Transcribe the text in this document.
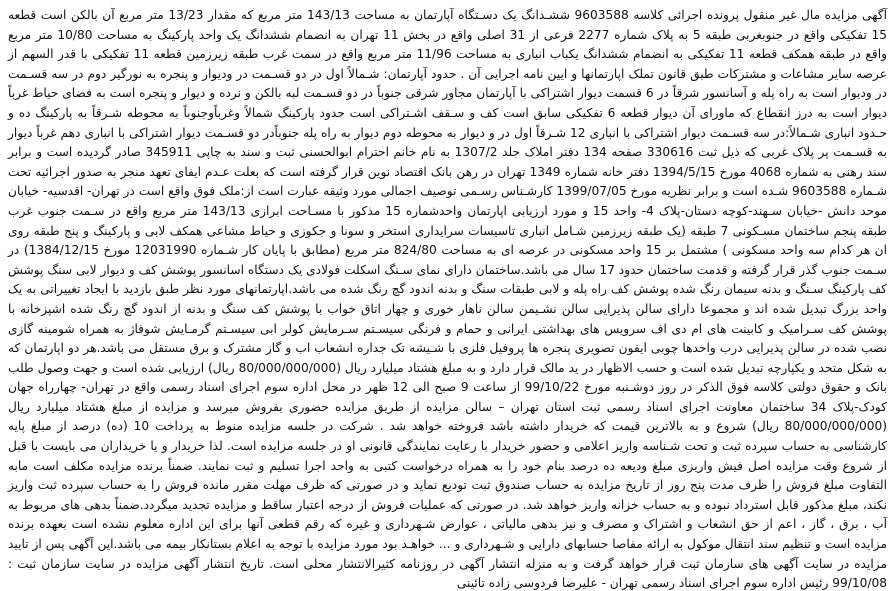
آگهی مزایده مال غیر منقول پرونده اجرائی کلاسه 9603588 ششـدانگ یک دسـتگاه آپارتمان به مساحت 143/13 متر مربع که مقدار 13/23 متر مربع آن بالکن است قطعه 15 تفکیکی واقع در جنوبغربی طبقه 5 به پلاک شماره 2277 فرعی از 31 اصلی واقع در بخش 11 تهران به انضمام ششدانگ یک واحد پارکینگ به مساحت 10/80 متر مربع واقع در طبقه همکف قطعه 11 تفکیکی به انضمام ششدانگ یکباب انباری به مساحت 11/96 متر مربع واقع در سمت غرب طبقه زیرزمین قطعه 11 تفکیکی با قدر السهم از عرصه سایر مشاعات و مشترکات طبق قانون تملک اپارتمانها و ایین نامه اجرایی آن . حدود آپارتمان: شـمالاً اول در دو قسـمت در ودیوار و پنجره به نورگیر دوم در سه قسـمت در ودیوار است به راه پله و آسانسور شرقاً در 6 قسمت دیوار اشتراکی با آپارتمان مجاور شرقی جنوباً در دو قسـمت لبه بالکن و نرده و دیوار و پنجره است به فضای حیاط غرباً دیوار است به درز انقطاع که ماورای آن دیوار قطعه 6 تفکیکی سابق است کف و سـقف اشـتراکی است حدود پارکینگ شمالاً وغرباًوجنوباً به محوطه شـرقاً به پارکینگ ده و حـدود انباری شـمالاً:در سه قسـمت دیوار اشتراکی با انباری 12 شـرقاً اول در و دیوار به محوطه دوم دیوار به راه پله جنوباًدر دو قسـمت دیوار اشتراکی با انباری دهم غرباً دیوار به قسـمت پر پلاک غربی که ذیل ثبت 330616 صفحه 134 دفتر املاک جلد 1307/2 به نام خانم احترام ابوالحسنی ثبت و سند به چاپی 345911 صادر گردیده است و برابر سند رهنی به شماره 4068 مورخ 1394/5/15 دفتر خانه شماره 1349 تهران در رهن بانک اقتصاد نوین قرار گرفته است که بعلت عـدم ایفای تعهد منجر به صدور اجرائیه تحت شـماره 9603588 شـده است و برابر نظریه مورخ 1399/07/05 کارشـناس رسـمی توصیف اجمالی مورد وثیقه عبارت است از:ملک فوق واقع است در تهران- اقدسیه- خیابان موحد دانش -خیابان سـهند-کوچه دستان-پلاک 4- واحد 15 و مورد ارزیابی اپارتمان واحدشماره 15 مذکور با مسـاحت ابرازی 143/13 متر مربع واقع در سـمت جنوب غرب طبقه پنجم ساختمان مسـکونی 7 طبقه (یک طبقه زیرزمین شـامل انباری تاسیسات سرایداری استخر و سونا و جکوزی و حیاط مشاعی همکف لابی و پارکینگ و پنج طبقه روی ان هر کدام سه واحد مسکونی ) مشتمل بر 15 واحد مسکونی در عرصه ای به مساحت 824/80 متر مربع (مطابق با پایان کار شـماره 12031990 مورخ 1384/12/15) در سـمت جنوب گذر قرار گرفته و قدمت ساختمان حدود 17 سال می باشد.ساختمان دارای نمای سـنگ اسکلت فولادی یک دستگاه اسانسور پوشش کف و دیوار لابی سنگ پوشش کف پارکینگ سـنگ و بدنه سیمان رنگ شده پوشش کف راه پله و لابی طبقات سنگ و بدنه اندود گچ رنگ شده می باشد.اپارتمانهای مورد نظر طبق بازدید با ایجاد تغییراتی به یک واحد بزرگ تبدیل شده اند و مجموعا دارای سالن پذیرایی سالن نشـیمن سالن ناهار خوری و چهار اتاق خواب با پوشش کف سنگ و بدنه از اندود گچ رنگ شده اشپزخانه با پوشش کف سـرامیک و کابینت های ام دی اف سرویس های بهداشتی ایرانی و حمام و فرنگی سیسـتم سـرمایش کولر ابی سیسـتم گرمـایش شوفاژ به همراه شومینه گازی نصب شده در سالن پذیرایی درب واحدها چوبی ایفون تصویری پنجره ها پروفیل فلزی با شـیشه تک جداره انشعاب اب و گاز مشترک و برق مستقل می باشد.هر دو اپارتمان که به شکل متحد و یکپارچه تبدیل شده است و حسب الاظهار در ید مالک قرار دارد و به مبلغ هشتاد میلیارد ریال (80/000/000/000 ریال) ارزیابی شده است و جهت وصول طلب بانک و حقوق دولتی کلاسه فوق الذکر در روز دوشـنبه مورخ 99/10/22 از ساعت 9 صبح الی 12 ظهر در محل اداره سوم اجرای اسناد رسمی واقع در تهران- چهارراه جهان کودک-پلاک 34 ساختمان معاونت اجرای اسناد رسمی ثبت استان تهران – سالن مزایده از طریق مزایده حضوری بفروش میرسد و مزایده از مبلغ هشتاد میلیارد ریال (80/000/000/000 ریال) شروع و به بالاترین قیمت که خریدار داشته باشد فروخته خواهد شد . شرکت در جلسه مزایده منوط به پرداخت 10 (ده) درصد از مبلغ پایه کارشناسی به حساب سپرده ثبت و تحت شـناسه واریز اعلامی و حضور خریدار با رعایت نمایندگی قانونی او در جلسه مزایده است. لذا خریدار و یا خریداران می بایست با قبل از شروع وقت مزایده اصل فیش واریزی مبلغ ودیعه ده درصد بنام خود را به همراه درخواست کتبی به واحد اجرا تسلیم و ثبت نمایند. ضمناً برنده مزایده مکلف است مابه التفاوت مبلغ فروش را ظرف مدت پنج روز از تاریخ مزایده به حساب صندوق ثبت تودیع نماید و در صورتی که ظرف مهلت مقرر مانده فروش را به حساب سپرده ثبت واریز نکند، مبلغ مذکور قابل استرداد نبوده و به حساب خزانه واریز خواهد شد. در صورتی که عملیات فروش از درجه اعتبار ساقط و مزایده تجدید میگردد.ضمناً بدهی های مربوط به آب ، برق ، گاز ، اعم از حق انشعاب و اشتراک و مصرف و نیز بدهی مالیاتی ، عوارض شـهرداری و غیره که رقم قطعی آنها برای این اداره معلوم نشده است بعهده برنده مزایده است و تنظیم سند انتقال موکول به ارائه مفاصا حسابهای دارایی و شـهرداری و ... خواهـد بود مورد مزایده با توجه به اعلام بستانکار بیمه می باشد.این آگهی پس از تایید مزایده در سایت آگهی های سازمان ثبت قرار خواهد گرفت و به منزله انتشار آگهی در روزنامه کثیرالانتشار محلی است. تاریخ انتشار آگهی مزایده در سایت سازمان ثبت : 99/10/08 رئیس اداره سوم اجرای اسناد رسمی تهران - علیرضا فردوسی زاده تائینی
